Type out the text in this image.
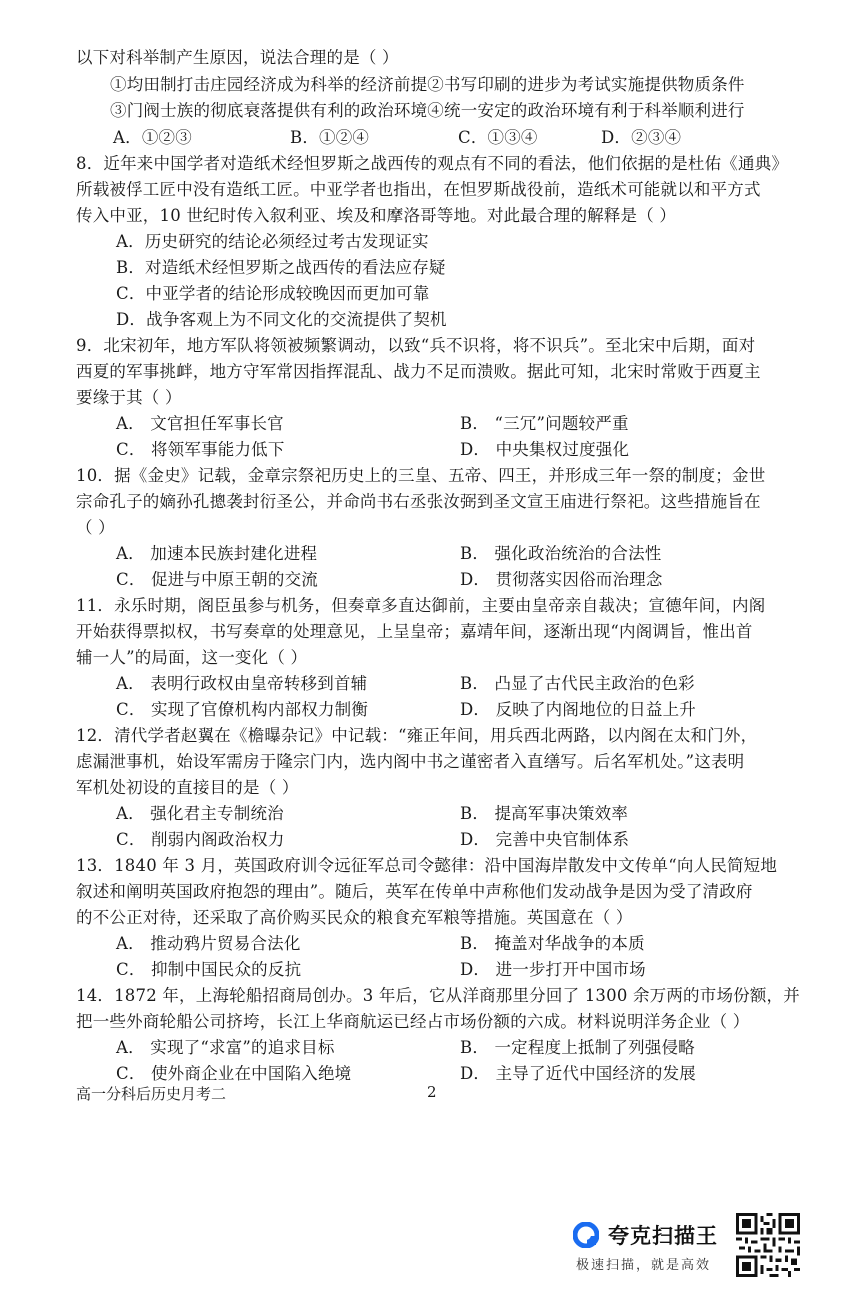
以下对科举制产生原因，说法合理的是（ ）
①均田制打击庄园经济成为科举的经济前提②书写印刷的进步为考试实施提供物质条件
③门阀士族的彻底衰落提供有利的政治环境④统一安定的政治环境有利于科举顺利进行
A．①②③	B．①②④	C．①③④	D．②③④
8．近年来中国学者对造纸术经怛罗斯之战西传的观点有不同的看法，他们依据的是杜佑《通典》
所载被俘工匠中没有造纸工匠。中亚学者也指出，在怛罗斯战役前，造纸术可能就以和平方式
传入中亚，10 世纪时传入叙利亚、埃及和摩洛哥等地。对此最合理的解释是（ ）
A．历史研究的结论必须经过考古发现证实
B．对造纸术经怛罗斯之战西传的看法应存疑
C．中亚学者的结论形成较晚因而更加可靠
D．战争客观上为不同文化的交流提供了契机
9．北宋初年，地方军队将领被频繁调动，以致“兵不识将，将不识兵”。至北宋中后期，面对
西夏的军事挑衅，地方守军常因指挥混乱、战力不足而溃败。据此可知，北宋时常败于西夏主
要缘于其（ ）
A． 文官担任军事长官	B． “三冗”问题较严重
C． 将领军事能力低下	D． 中央集权过度强化
10．据《金史》记载，金章宗祭祀历史上的三皇、五帝、四王，并形成三年一祭的制度；金世
宗命孔子的嫡孙孔摠袭封衍圣公，并命尚书右丞张汝弼到圣文宣王庙进行祭祀。这些措施旨在
（ ）
A． 加速本民族封建化进程	B． 强化政治统治的合法性
C． 促进与中原王朝的交流	D． 贯彻落实因俗而治理念
11．永乐时期，阁臣虽参与机务，但奏章多直达御前，主要由皇帝亲自裁决；宣德年间，内阁
开始获得票拟权，书写奏章的处理意见，上呈皇帝；嘉靖年间，逐渐出现“内阁调旨，惟出首
辅一人”的局面，这一变化（ ）
A． 表明行政权由皇帝转移到首辅	B． 凸显了古代民主政治的色彩
C． 实现了官僚机构内部权力制衡	D． 反映了内阁地位的日益上升
12．清代学者赵翼在《檐曝杂记》中记载：“雍正年间，用兵西北两路，以内阁在太和门外，
虑漏泄事机，始设军需房于隆宗门内，选内阁中书之谨密者入直缮写。后名军机处。”这表明
军机处初设的直接目的是（ ）
A． 强化君主专制统治	B． 提高军事决策效率
C． 削弱内阁政治权力	D． 完善中央官制体系
13．1840 年 3 月，英国政府训令远征军总司令懿律：沿中国海岸散发中文传单“向人民简短地
叙述和阐明英国政府抱怨的理由”。随后，英军在传单中声称他们发动战争是因为受了清政府
的不公正对待，还采取了高价购买民众的粮食充军粮等措施。英国意在（ ）
A． 推动鸦片贸易合法化	B． 掩盖对华战争的本质
C． 抑制中国民众的反抗	D． 进一步打开中国市场
14．1872 年，上海轮船招商局创办。3 年后，它从洋商那里分回了 1300 余万两的市场份额，并
把一些外商轮船公司挤垮，长江上华商航运已经占市场份额的六成。材料说明洋务企业（ ）
A． 实现了“求富”的追求目标	B． 一定程度上抵制了列强侵略
C． 使外商企业在中国陷入绝境	D． 主导了近代中国经济的发展
高一分科后历史月考二	2
夸克扫描王
极速扫描，就是高效
